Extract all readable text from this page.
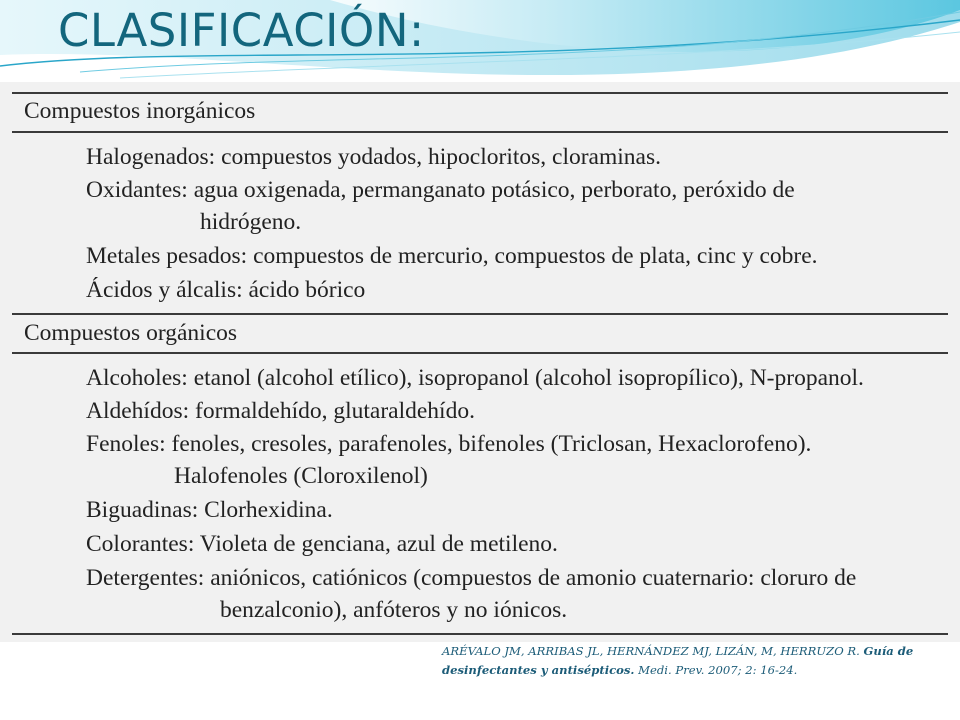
CLASIFICACIÓN:
Compuestos inorgánicos
Halogenados: compuestos yodados, hipocloritos, cloraminas.
Oxidantes: agua oxigenada, permanganato potásico, perborato, peróxido de
hidrógeno.
Metales pesados: compuestos de mercurio, compuestos de plata, cinc y cobre.
Ácidos y álcalis: ácido bórico
Compuestos orgánicos
Alcoholes: etanol (alcohol etílico), isopropanol (alcohol isopropílico), N-propanol.
Aldehídos: formaldehído, glutaraldehído.
Fenoles: fenoles, cresoles, parafenoles, bifenoles (Triclosan, Hexaclorofeno).
Halofenoles (Cloroxilenol)
Biguadinas: Clorhexidina.
Colorantes: Violeta de genciana, azul de metileno.
Detergentes: aniónicos, catiónicos (compuestos de amonio cuaternario: cloruro de
benzalconio), anfóteros y no iónicos.

ARÉVALO JM, ARRIBAS JL, HERNÁNDEZ MJ, LIZÁN, M, HERRUZO R. Guía de desinfectantes y antisépticos. Medi. Prev. 2007; 2: 16-24.
